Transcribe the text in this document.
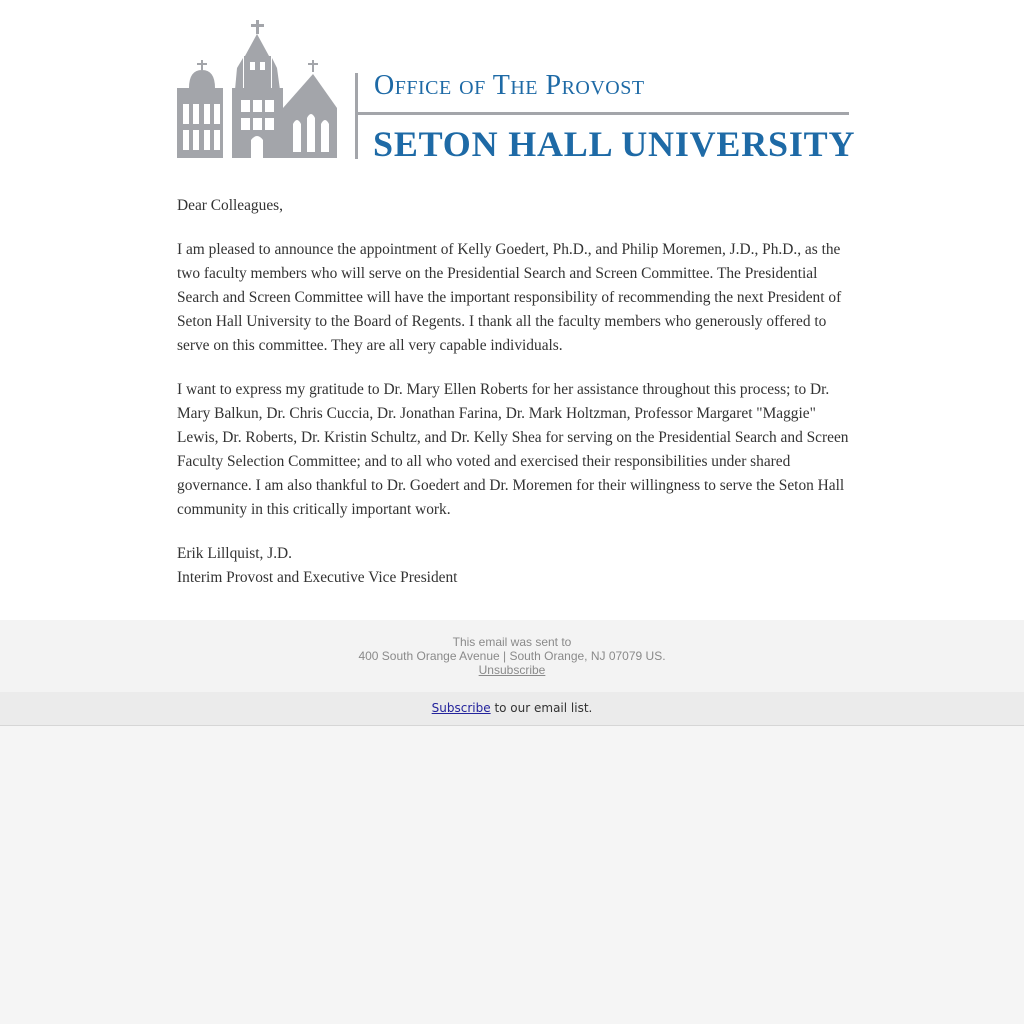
Office of The Provost
SETON HALL UNIVERSITY

Dear Colleagues,

I am pleased to announce the appointment of Kelly Goedert, Ph.D., and Philip Moremen, J.D., Ph.D., as the two faculty members who will serve on the Presidential Search and Screen Committee. The Presidential Search and Screen Committee will have the important responsibility of recommending the next President of Seton Hall University to the Board of Regents. I thank all the faculty members who generously offered to serve on this committee. They are all very capable individuals.

I want to express my gratitude to Dr. Mary Ellen Roberts for her assistance throughout this process; to Dr. Mary Balkun, Dr. Chris Cuccia, Dr. Jonathan Farina, Dr. Mark Holtzman, Professor Margaret "Maggie" Lewis, Dr. Roberts, Dr. Kristin Schultz, and Dr. Kelly Shea for serving on the Presidential Search and Screen Faculty Selection Committee; and to all who voted and exercised their responsibilities under shared governance. I am also thankful to Dr. Goedert and Dr. Moremen for their willingness to serve the Seton Hall community in this critically important work.

Erik Lillquist, J.D.
Interim Provost and Executive Vice President
This email was sent to
400 South Orange Avenue | South Orange, NJ 07079 US.
Unsubscribe
Subscribe to our email list.
